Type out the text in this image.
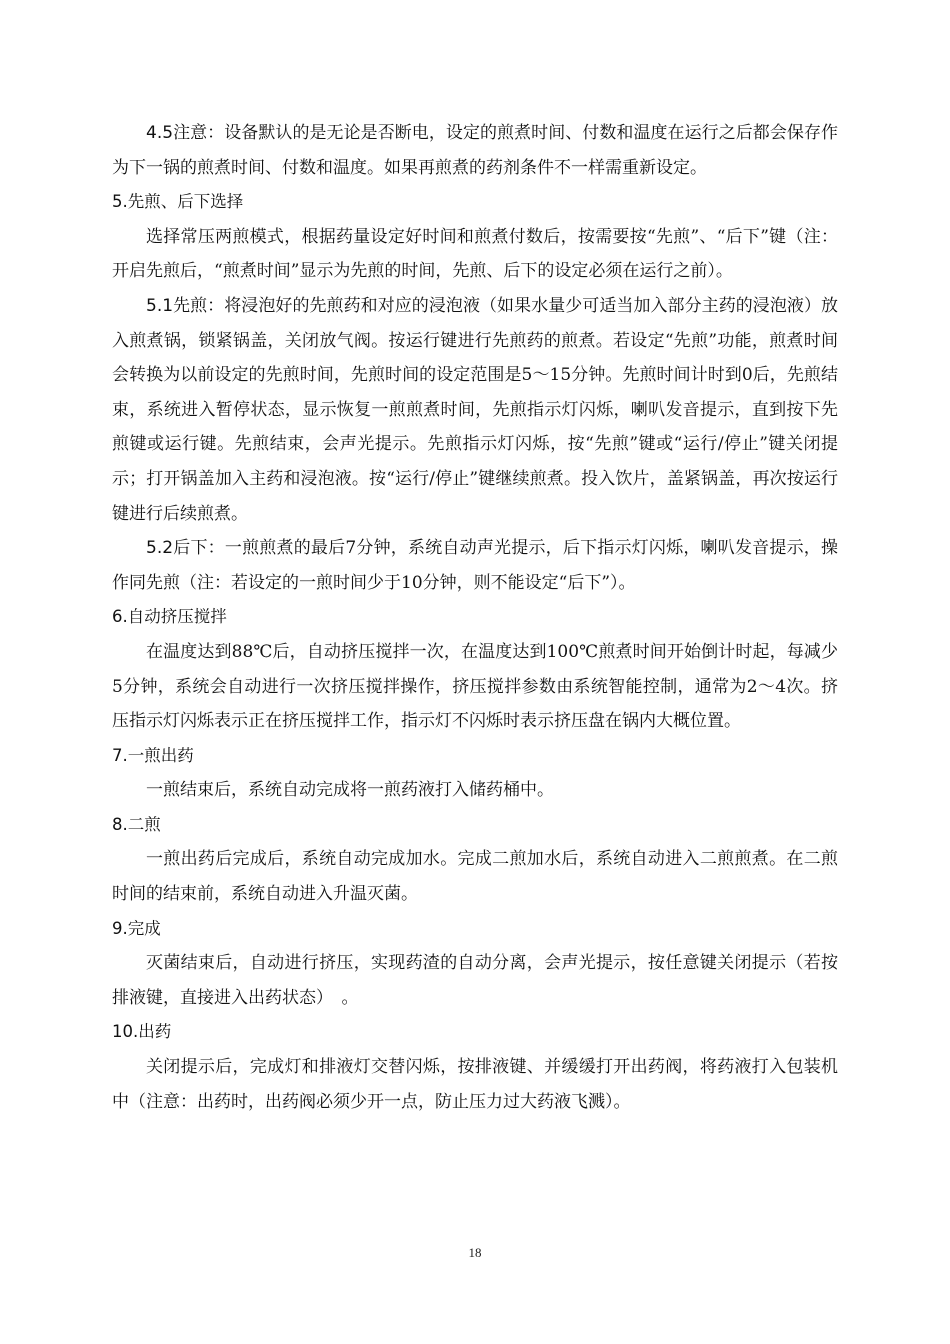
4.5注意：设备默认的是无论是否断电，设定的煎煮时间、付数和温度在运行之后都会保存作为下一锅的煎煮时间、付数和温度。如果再煎煮的药剂条件不一样需重新设定。

5.先煎、后下选择

选择常压两煎模式，根据药量设定好时间和煎煮付数后，按需要按“先煎”、“后下”键（注：开启先煎后，“煎煮时间”显示为先煎的时间，先煎、后下的设定必须在运行之前）。

5.1先煎：将浸泡好的先煎药和对应的浸泡液（如果水量少可适当加入部分主药的浸泡液）放入煎煮锅，锁紧锅盖，关闭放气阀。按运行键进行先煎药的煎煮。若设定“先煎”功能，煎煮时间会转换为以前设定的先煎时间，先煎时间的设定范围是5～15分钟。先煎时间计时到0后，先煎结束，系统进入暂停状态，显示恢复一煎煎煮时间，先煎指示灯闪烁，喇叭发音提示，直到按下先煎键或运行键。先煎结束，会声光提示。先煎指示灯闪烁，按“先煎”键或“运行/停止”键关闭提示；打开锅盖加入主药和浸泡液。按“运行/停止”键继续煎煮。投入饮片，盖紧锅盖，再次按运行键进行后续煎煮。

5.2后下：一煎煎煮的最后7分钟，系统自动声光提示，后下指示灯闪烁，喇叭发音提示，操作同先煎（注：若设定的一煎时间少于10分钟，则不能设定“后下”）。

6.自动挤压搅拌

在温度达到88℃后，自动挤压搅拌一次，在温度达到100℃煎煮时间开始倒计时起，每减少5分钟，系统会自动进行一次挤压搅拌操作，挤压搅拌参数由系统智能控制，通常为2～4次。挤压指示灯闪烁表示正在挤压搅拌工作，指示灯不闪烁时表示挤压盘在锅内大概位置。

7.一煎出药

一煎结束后，系统自动完成将一煎药液打入储药桶中。

8.二煎

一煎出药后完成后，系统自动完成加水。完成二煎加水后，系统自动进入二煎煎煮。在二煎时间的结束前，系统自动进入升温灭菌。

9.完成

灭菌结束后，自动进行挤压，实现药渣的自动分离，会声光提示，按任意键关闭提示（若按排液键，直接进入出药状态）　。

10.出药

关闭提示后，完成灯和排液灯交替闪烁，按排液键、并缓缓打开出药阀，将药液打入包装机中（注意：出药时，出药阀必须少开一点，防止压力过大药液飞溅）。

18
